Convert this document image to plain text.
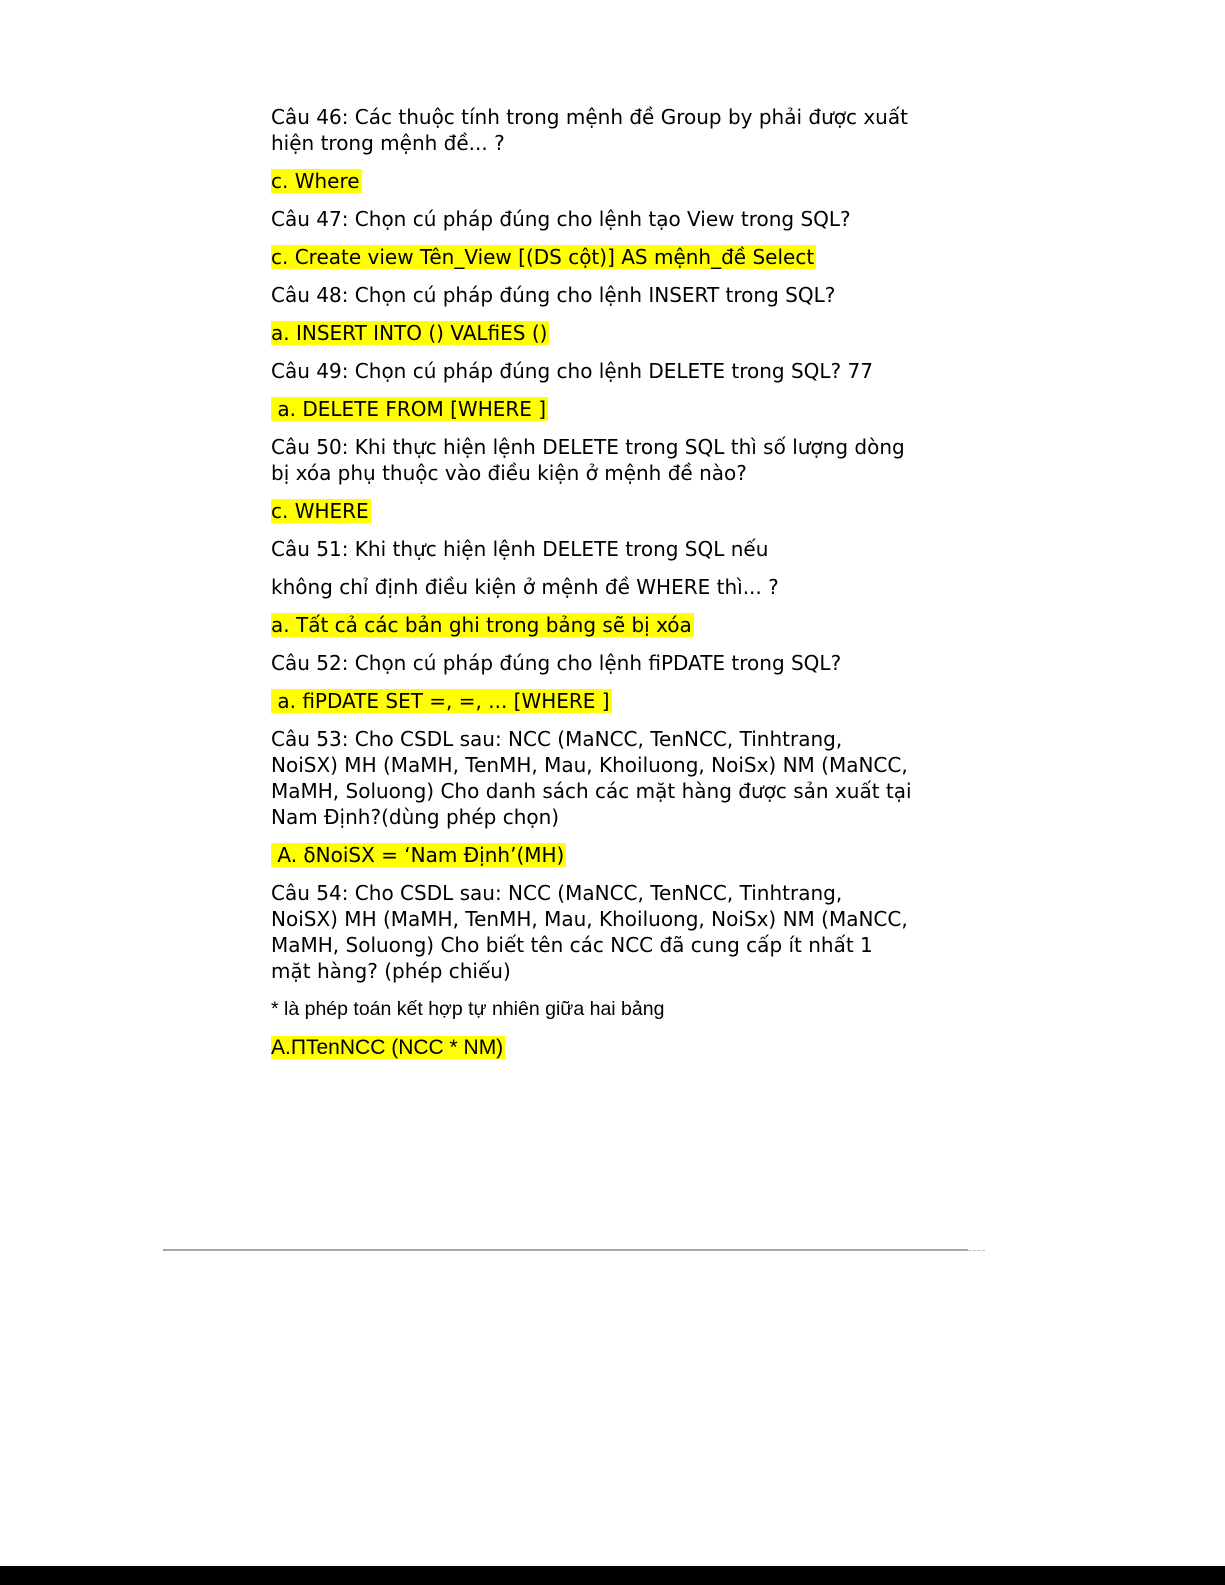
Câu 46: Các thuộc tính trong mệnh đề Group by phải được xuất
hiện trong mệnh đề... ?

c. Where

Câu 47: Chọn cú pháp đúng cho lệnh tạo View trong SQL?

c. Create view Tên_View [(DS cột)] AS mệnh_đề Select

Câu 48: Chọn cú pháp đúng cho lệnh INSERT trong SQL?

a. INSERT INTO () VALfiES ()

Câu 49: Chọn cú pháp đúng cho lệnh DELETE trong SQL? 77

a. DELETE FROM [WHERE ]

Câu 50: Khi thực hiện lệnh DELETE trong SQL thì số lượng dòng
bị xóa phụ thuộc vào điều kiện ở mệnh đề nào?

c. WHERE

Câu 51: Khi thực hiện lệnh DELETE trong SQL nếu

không chỉ định điều kiện ở mệnh đề WHERE thì... ?

a. Tất cả các bản ghi trong bảng sẽ bị xóa

Câu 52: Chọn cú pháp đúng cho lệnh fiPDATE trong SQL?

a. fiPDATE SET =, =, ... [WHERE ]

Câu 53: Cho CSDL sau: NCC (MaNCC, TenNCC, Tinhtrang,
NoiSX) MH (MaMH, TenMH, Mau, Khoiluong, NoiSx) NM (MaNCC,
MaMH, Soluong) Cho danh sách các mặt hàng được sản xuất tại
Nam Định?(dùng phép chọn)

A. δNoiSX = ‘Nam Định’(MH)

Câu 54: Cho CSDL sau: NCC (MaNCC, TenNCC, Tinhtrang,
NoiSX) MH (MaMH, TenMH, Mau, Khoiluong, NoiSx) NM (MaNCC,
MaMH, Soluong) Cho biết tên các NCC đã cung cấp ít nhất 1
mặt hàng? (phép chiếu)

* là phép toán kết hợp tự nhiên giữa hai bảng

A.ΠTenNCC (NCC * NM)
